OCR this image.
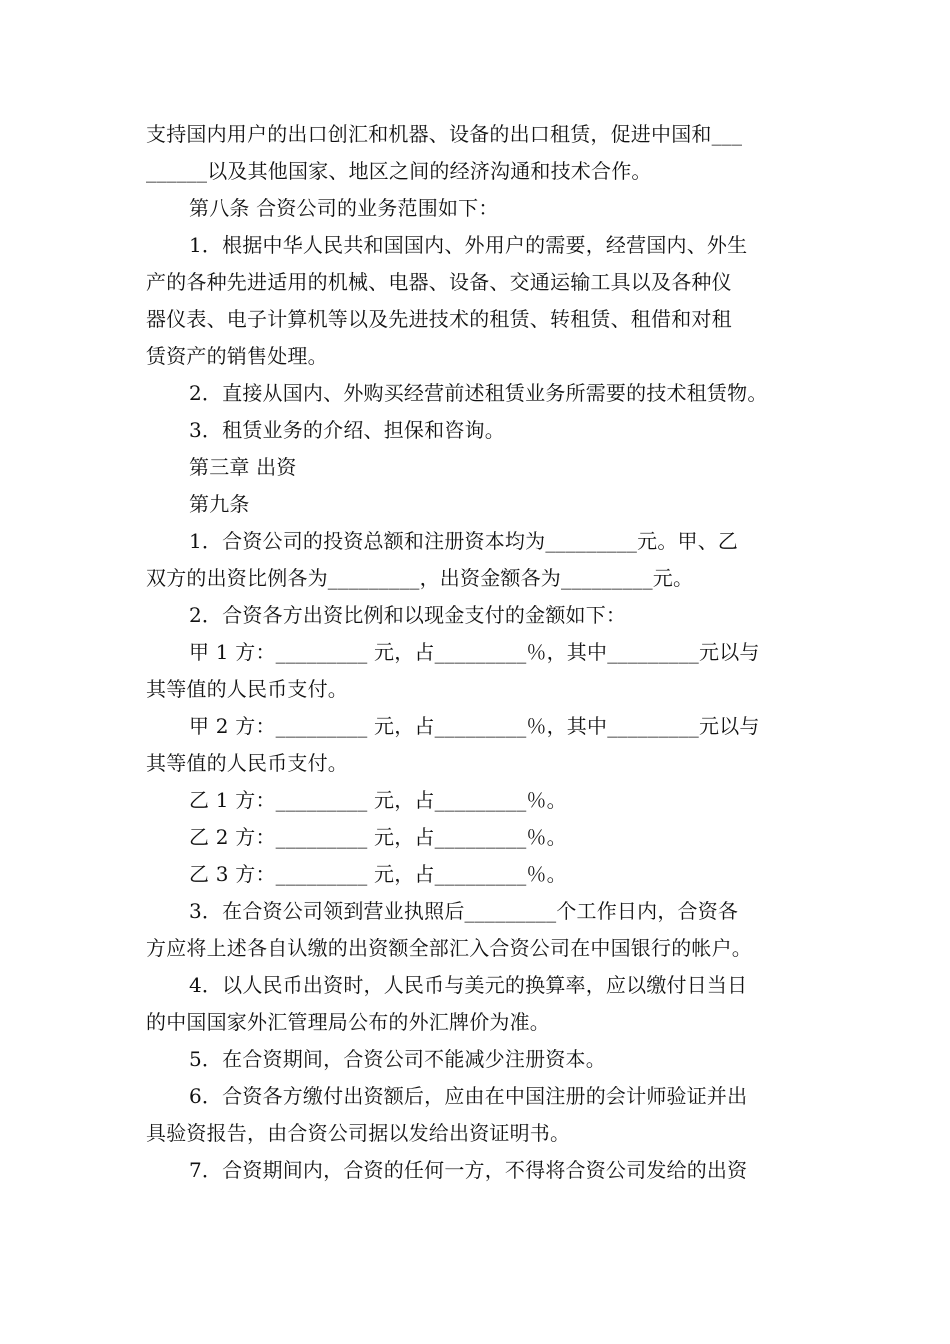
支持国内用户的出口创汇和机器、设备的出口租赁，促进中国和___
______以及其他国家、地区之间的经济沟通和技术合作。
第八条 合资公司的业务范围如下：
1．根据中华人民共和国国内、外用户的需要，经营国内、外生
产的各种先进适用的机械、电器、设备、交通运输工具以及各种仪
器仪表、电子计算机等以及先进技术的租赁、转租赁、租借和对租
赁资产的销售处理。
2．直接从国内、外购买经营前述租赁业务所需要的技术租赁物。
3．租赁业务的介绍、担保和咨询。
第三章 出资
第九条
1．合资公司的投资总额和注册资本均为_________元。甲、乙
双方的出资比例各为_________，出资金额各为_________元。
2．合资各方出资比例和以现金支付的金额如下：
甲 1 方：_________ 元，占_________％，其中_________元以与
其等值的人民币支付。
甲 2 方：_________ 元，占_________％，其中_________元以与
其等值的人民币支付。
乙 1 方：_________ 元，占_________％。
乙 2 方：_________ 元，占_________％。
乙 3 方：_________ 元，占_________％。
3．在合资公司领到营业执照后_________个工作日内，合资各
方应将上述各自认缴的出资额全部汇入合资公司在中国银行的帐户。
4．以人民币出资时，人民币与美元的换算率，应以缴付日当日
的中国国家外汇管理局公布的外汇牌价为准。
5．在合资期间，合资公司不能减少注册资本。
6．合资各方缴付出资额后，应由在中国注册的会计师验证并出
具验资报告，由合资公司据以发给出资证明书。
7．合资期间内，合资的任何一方，不得将合资公司发给的出资
